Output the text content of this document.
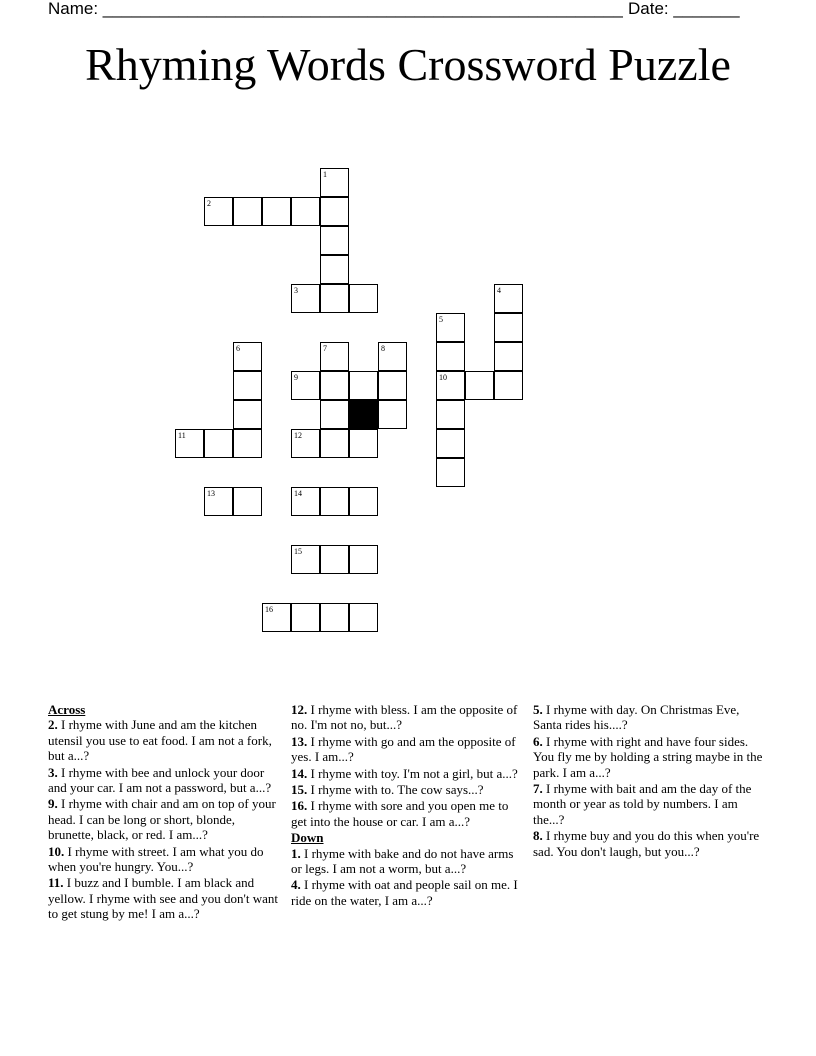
Name: _______________________________________________________ Date: _______
Rhyming Words Crossword Puzzle
1
2
3	4
5
6	7	8
9	10
11	12
13	14
15
16
Across
2. I rhyme with June and am the kitchen utensil you use to eat food. I am not a fork, but a...?
3. I rhyme with bee and unlock your door and your car. I am not a password, but a...?
9. I rhyme with chair and am on top of your head. I can be long or short, blonde, brunette, black, or red. I am...?
10. I rhyme with street. I am what you do when you're hungry. You...?
11. I buzz and I bumble. I am black and yellow. I rhyme with see and you don't want to get stung by me! I am a...?
12. I rhyme with bless. I am the opposite of no. I'm not no, but...?
13. I rhyme with go and am the opposite of yes. I am...?
14. I rhyme with toy. I'm not a girl, but a...?
15. I rhyme with to. The cow says...?
16. I rhyme with sore and you open me to get into the house or car. I am a...?
Down
1. I rhyme with bake and do not have arms or legs. I am not a worm, but a...?
4. I rhyme with oat and people sail on me. I ride on the water, I am a...?
5. I rhyme with day. On Christmas Eve, Santa rides his....?
6. I rhyme with right and have four sides. You fly me by holding a string maybe in the park. I am a...?
7. I rhyme with bait and am the day of the month or year as told by numbers. I am the...?
8. I rhyme buy and you do this when you're sad. You don't laugh, but you...?
